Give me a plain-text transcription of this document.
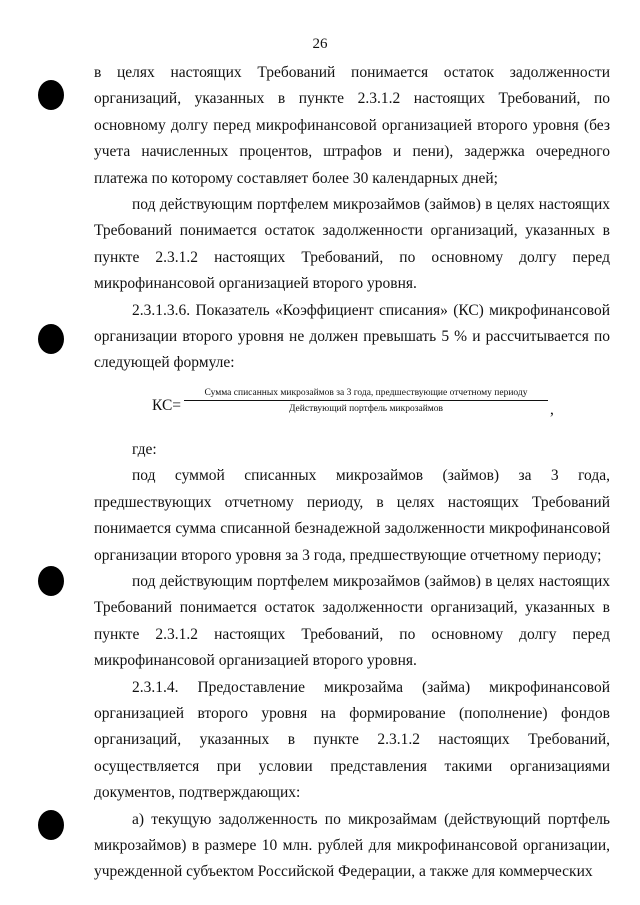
26

в целях настоящих Требований понимается остаток задолженности организаций, указанных в пункте 2.3.1.2 настоящих Требований, по основному долгу перед микрофинансовой организацией второго уровня (без учета начисленных процентов, штрафов и пени), задержка очередного платежа по которому составляет более 30 календарных дней;

под действующим портфелем микрозаймов (займов) в целях настоящих Требований понимается остаток задолженности организаций, указанных в пункте 2.3.1.2 настоящих Требований, по основному долгу перед микрофинансовой организацией второго уровня.

2.3.1.3.6. Показатель «Коэффициент списания» (КС) микрофинансовой организации второго уровня не должен превышать 5 % и рассчитывается по следующей формуле:

КС=
Сумма списанных микрозаймов за 3 года, предшествующие отчетному периоду
Действующий портфель микрозаймов	,

где:

под суммой списанных микрозаймов (займов) за 3 года, предшествующих отчетному периоду, в целях настоящих Требований понимается сумма списанной безнадежной задолженности микрофинансовой организации второго уровня за 3 года, предшествующие отчетному периоду;

под действующим портфелем микрозаймов (займов) в целях настоящих Требований понимается остаток задолженности организаций, указанных в пункте 2.3.1.2 настоящих Требований, по основному долгу перед микрофинансовой организацией второго уровня.

2.3.1.4. Предоставление микрозайма (займа) микрофинансовой организацией второго уровня на формирование (пополнение) фондов организаций, указанных в пункте 2.3.1.2 настоящих Требований, осуществляется при условии представления такими организациями документов, подтверждающих:

а) текущую задолженность по микрозаймам (действующий портфель микрозаймов) в размере 10 млн. рублей для микрофинансовой организации, учрежденной субъектом Российской Федерации, а также для коммерческих
